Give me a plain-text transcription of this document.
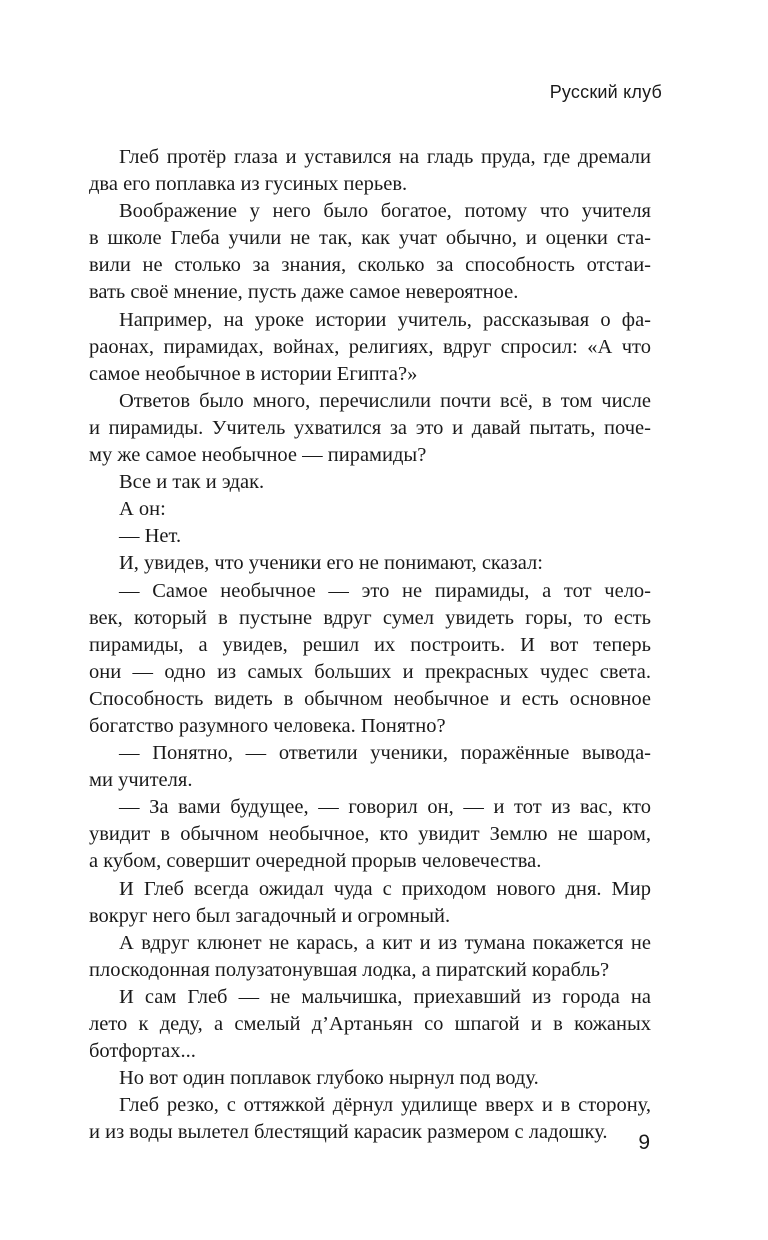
Русский клуб
Глеб протёр глаза и уставился на гладь пруда, где дремали
два его поплавка из гусиных перьев.
Воображение у него было богатое, потому что учителя
в школе Глеба учили не так, как учат обычно, и оценки ста-
вили не столько за знания, сколько за способность отстаи-
вать своё мнение, пусть даже самое невероятное.
Например, на уроке истории учитель, рассказывая о фа-
раонах, пирамидах, войнах, религиях, вдруг спросил: «А что
самое необычное в истории Египта?»
Ответов было много, перечислили почти всё, в том числе
и пирамиды. Учитель ухватился за это и давай пытать, поче-
му же самое необычное — пирамиды?
Все и так и эдак.
А он:
— Нет.
И, увидев, что ученики его не понимают, сказал:
— Самое необычное — это не пирамиды, а тот чело-
век, который в пустыне вдруг сумел увидеть горы, то есть
пирамиды, а увидев, решил их построить. И вот теперь
они — одно из самых больших и прекрасных чудес света.
Способность видеть в обычном необычное и есть основное
богатство разумного человека. Понятно?
— Понятно, — ответили ученики, поражённые вывода-
ми учителя.
— За вами будущее, — говорил он, — и тот из вас, кто
увидит в обычном необычное, кто увидит Землю не шаром,
а кубом, совершит очередной прорыв человечества.
И Глеб всегда ожидал чуда с приходом нового дня. Мир
вокруг него был загадочный и огромный.
А вдруг клюнет не карась, а кит и из тумана покажется не
плоскодонная полузатонувшая лодка, а пиратский корабль?
И сам Глеб — не мальчишка, приехавший из города на
лето к деду, а смелый д’Артаньян со шпагой и в кожаных
ботфортах...
Но вот один поплавок глубоко нырнул под воду.
Глеб резко, с оттяжкой дёрнул удилище вверх и в сторону,
и из воды вылетел блестящий карасик размером с ладошку.	9
